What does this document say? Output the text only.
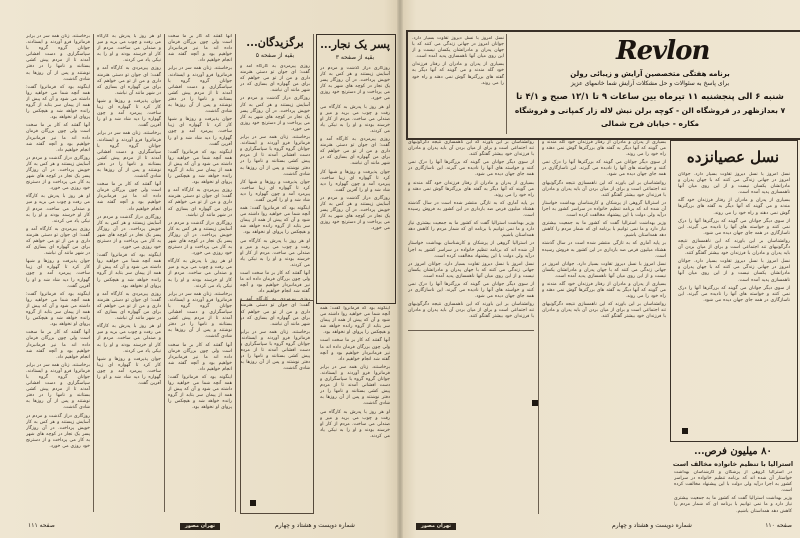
برخاستند. زنان همه سر در برابر فرمانروا فرو آوردند و ایستادند. جوانان گروه گروه با سپاسگزاری و دست افشانی آمدند تا از مردم پیش کشی بستانند و نامها را در دفتر نوشتند و پس از آن روزها به شادی گذشت.

اینگونه بود که فرمانروا گفت: همه آنچه شما می خواهید روا داشته می شود و آن که پیش از همه از پیمان سر بتابد از گروه رانده خواهد شد و هیچکس را پروای او نخواهد بود.

آنها گفتند که کار بر ما سخت است ولی چون بزرگان فرمان داده اند ما نیز فرمانبردار خواهیم بود و آنچه گفته شد انجام خواهیم داد.

روزگاری دراز گذشت و مردم در آسایش زیستند و هر کس به کار خویش پرداخت. در آن روزگار پسر یک نجار در کوچه های شهر به کار می پرداخت و از دسترنج خود روزی می خورد.

او هر روز با پدرش به کارگاه می رفت و چوب می برید و میز و صندلی می ساخت. مردم از کار او خرسند بودند و او را به نیکی یاد می کردند.

روزی پیرمردی به کارگاه آمد و گفت: ای جوان تو دستی هنرمند داری و من از تو می خواهم که برای من گهواره ای بسازی که در شهر مانند آن نباشد.

جوان پذیرفت و روزها و شبها کار کرد تا گهواره ای زیبا ساخت. پیرمرد آمد و چون گهواره را دید شاد شد و او را آفرین گفت.

اینگونه بود که فرمانروا گفت: همه آنچه شما می خواهید روا داشته می شود و آن که پیش از همه از پیمان سر بتابد از گروه رانده خواهد شد و هیچکس را پروای او نخواهد بود.

آنها گفتند که کار بر ما سخت است ولی چون بزرگان فرمان داده اند ما نیز فرمانبردار خواهیم بود و آنچه گفته شد انجام خواهیم داد.

برخاستند. زنان همه سر در برابر فرمانروا فرو آوردند و ایستادند. جوانان گروه گروه با سپاسگزاری و دست افشانی آمدند تا از مردم پیش کشی بستانند و نامها را در دفتر نوشتند و پس از آن روزها به شادی گذشت.

روزگاری دراز گذشت و مردم در آسایش زیستند و هر کس به کار خویش پرداخت. در آن روزگار پسر یک نجار در کوچه های شهر به کار می پرداخت و از دسترنج خود روزی می خورد.

او هر روز با پدرش به کارگاه می رفت و چوب می برید و میز و صندلی می ساخت. مردم از کار او خرسند بودند و او را به نیکی یاد می کردند.

روزی پیرمردی به کارگاه آمد و گفت: ای جوان تو دستی هنرمند داری و من از تو می خواهم که برای من گهواره ای بسازی که در شهر مانند آن نباشد.

جوان پذیرفت و روزها و شبها کار کرد تا گهواره ای زیبا ساخت. پیرمرد آمد و چون گهواره را دید شاد شد و او را آفرین گفت.

برخاستند. زنان همه سر در برابر فرمانروا فرو آوردند و ایستادند. جوانان گروه گروه با سپاسگزاری و دست افشانی آمدند تا از مردم پیش کشی بستانند و نامها را در دفتر نوشتند و پس از آن روزها به شادی گذشت.

آنها گفتند که کار بر ما سخت است ولی چون بزرگان فرمان داده اند ما نیز فرمانبردار خواهیم بود و آنچه گفته شد انجام خواهیم داد.

روزگاری دراز گذشت و مردم در آسایش زیستند و هر کس به کار خویش پرداخت. در آن روزگار پسر یک نجار در کوچه های شهر به کار می پرداخت و از دسترنج خود روزی می خورد.

اینگونه بود که فرمانروا گفت: همه آنچه شما می خواهید روا داشته می شود و آن که پیش از همه از پیمان سر بتابد از گروه رانده خواهد شد و هیچکس را پروای او نخواهد بود.

روزی پیرمردی به کارگاه آمد و گفت: ای جوان تو دستی هنرمند داری و من از تو می خواهم که برای من گهواره ای بسازی که در شهر مانند آن نباشد.

او هر روز با پدرش به کارگاه می رفت و چوب می برید و میز و صندلی می ساخت. مردم از کار او خرسند بودند و او را به نیکی یاد می کردند.

جوان پذیرفت و روزها و شبها کار کرد تا گهواره ای زیبا ساخت. پیرمرد آمد و چون گهواره را دید شاد شد و او را آفرین گفت.

آنها گفتند که کار بر ما سخت است ولی چون بزرگان فرمان داده اند ما نیز فرمانبردار خواهیم بود و آنچه گفته شد انجام خواهیم داد.

برخاستند. زنان همه سر در برابر فرمانروا فرو آوردند و ایستادند. جوانان گروه گروه با سپاسگزاری و دست افشانی آمدند تا از مردم پیش کشی بستانند و نامها را در دفتر نوشتند و پس از آن روزها به شادی گذشت.

جوان پذیرفت و روزها و شبها کار کرد تا گهواره ای زیبا ساخت. پیرمرد آمد و چون گهواره را دید شاد شد و او را آفرین گفت.

اینگونه بود که فرمانروا گفت: همه آنچه شما می خواهید روا داشته می شود و آن که پیش از همه از پیمان سر بتابد از گروه رانده خواهد شد و هیچکس را پروای او نخواهد بود.

روزی پیرمردی به کارگاه آمد و گفت: ای جوان تو دستی هنرمند داری و من از تو می خواهم که برای من گهواره ای بسازی که در شهر مانند آن نباشد.

روزگاری دراز گذشت و مردم در آسایش زیستند و هر کس به کار خویش پرداخت. در آن روزگار پسر یک نجار در کوچه های شهر به کار می پرداخت و از دسترنج خود روزی می خورد.

او هر روز با پدرش به کارگاه می رفت و چوب می برید و میز و صندلی می ساخت. مردم از کار او خرسند بودند و او را به نیکی یاد می کردند.

برخاستند. زنان همه سر در برابر فرمانروا فرو آوردند و ایستادند. جوانان گروه گروه با سپاسگزاری و دست افشانی آمدند تا از مردم پیش کشی بستانند و نامها را در دفتر نوشتند و پس از آن روزها به شادی گذشت.

آنها گفتند که کار بر ما سخت است ولی چون بزرگان فرمان داده اند ما نیز فرمانبردار خواهیم بود و آنچه گفته شد انجام خواهیم داد.

اینگونه بود که فرمانروا گفت: همه آنچه شما می خواهید روا داشته می شود و آن که پیش از همه از پیمان سر بتابد از گروه رانده خواهد شد و هیچکس را پروای او نخواهد بود.

برگزیدگان...
بقیه از صفحه ۵

روزی پیرمردی به کارگاه آمد و گفت: ای جوان تو دستی هنرمند داری و من از تو می خواهم که برای من گهواره ای بسازی که در شهر مانند آن نباشد.

روزگاری دراز گذشت و مردم در آسایش زیستند و هر کس به کار خویش پرداخت. در آن روزگار پسر یک نجار در کوچه های شهر به کار می پرداخت و از دسترنج خود روزی می خورد.

برخاستند. زنان همه سر در برابر فرمانروا فرو آوردند و ایستادند. جوانان گروه گروه با سپاسگزاری و دست افشانی آمدند تا از مردم پیش کشی بستانند و نامها را در دفتر نوشتند و پس از آن روزها به شادی گذشت.

جوان پذیرفت و روزها و شبها کار کرد تا گهواره ای زیبا ساخت. پیرمرد آمد و چون گهواره را دید شاد شد و او را آفرین گفت.

اینگونه بود که فرمانروا گفت: همه آنچه شما می خواهید روا داشته می شود و آن که پیش از همه از پیمان سر بتابد از گروه رانده خواهد شد و هیچکس را پروای او نخواهد بود.

او هر روز با پدرش به کارگاه می رفت و چوب می برید و میز و صندلی می ساخت. مردم از کار او خرسند بودند و او را به نیکی یاد می کردند.

آنها گفتند که کار بر ما سخت است ولی چون بزرگان فرمان داده اند ما نیز فرمانبردار خواهیم بود و آنچه گفته شد انجام خواهیم داد.

روزی پیرمردی به کارگاه آمد و گفت: ای جوان تو دستی هنرمند داری و من از تو می خواهم که برای من گهواره ای بسازی که در شهر مانند آن نباشد.

برخاستند. زنان همه سر در برابر فرمانروا فرو آوردند و ایستادند. جوانان گروه گروه با سپاسگزاری و دست افشانی آمدند تا از مردم پیش کشی بستانند و نامها را در دفتر نوشتند و پس از آن روزها به شادی گذشت.

پسر یک نجار...
بقیه از صفحه ۳

روزگاری دراز گذشت و مردم در آسایش زیستند و هر کس به کار خویش پرداخت. در آن روزگار پسر یک نجار در کوچه های شهر به کار می پرداخت و از دسترنج خود روزی می خورد.

او هر روز با پدرش به کارگاه می رفت و چوب می برید و میز و صندلی می ساخت. مردم از کار او خرسند بودند و او را به نیکی یاد می کردند.

روزی پیرمردی به کارگاه آمد و گفت: ای جوان تو دستی هنرمند داری و من از تو می خواهم که برای من گهواره ای بسازی که در شهر مانند آن نباشد.

جوان پذیرفت و روزها و شبها کار کرد تا گهواره ای زیبا ساخت. پیرمرد آمد و چون گهواره را دید شاد شد و او را آفرین گفت.

روزگاری دراز گذشت و مردم در آسایش زیستند و هر کس به کار خویش پرداخت. در آن روزگار پسر یک نجار در کوچه های شهر به کار می پرداخت و از دسترنج خود روزی می خورد.

اینگونه بود که فرمانروا گفت: همه آنچه شما می خواهید روا داشته می شود و آن که پیش از همه از پیمان سر بتابد از گروه رانده خواهد شد و هیچکس را پروای او نخواهد بود.

آنها گفتند که کار بر ما سخت است ولی چون بزرگان فرمان داده اند ما نیز فرمانبردار خواهیم بود و آنچه گفته شد انجام خواهیم داد.

برخاستند. زنان همه سر در برابر فرمانروا فرو آوردند و ایستادند. جوانان گروه گروه با سپاسگزاری و دست افشانی آمدند تا از مردم پیش کشی بستانند و نامها را در دفتر نوشتند و پس از آن روزها به شادی گذشت.

او هر روز با پدرش به کارگاه می رفت و چوب می برید و میز و صندلی می ساخت. مردم از کار او خرسند بودند و او را به نیکی یاد می کردند.

صفحه ۱۱۱	تهران مصور	شماره دویست و هشتاد و چهارم
Revlon
برنامه هفتگی متخصصین آرایش و زیبائی رولن
برای پاسخ به سئوالات و حل مشکلات آرایش شما خانمهای عزیز
شنبه ۶ الی پنجشنبه ۱۱ تیرماه بین ساعات ۹ تا ۱۲/۱ صبح و ۴/۱ تا
۷ بعدازظهر در فروشگاه الن - کوچه برلن نبش لاله زار کمپانی و فروشگاه
مکاره - خیابان فرح شمالی

نسل امروز با نسل دیروز تفاوت بسیار دارد. جوانان امروز در جهانی زندگی می کنند که با جهان پدران و مادرانشان یکسان نیست و از این روی میان آنها ناهمسازی پدید آمده است.

بسیاری از پدران و مادران از رفتار فرزندان خود گله مندند و می گویند که آنها دیگر به گفته های بزرگترها گوش نمی دهند و راه خود را می روند.

نسل عصیانزده

نسل امروز با نسل دیروز تفاوت بسیار دارد. جوانان امروز در جهانی زندگی می کنند که با جهان پدران و مادرانشان یکسان نیست و از این روی میان آنها ناهمسازی پدید آمده است.

بسیاری از پدران و مادران از رفتار فرزندان خود گله مندند و می گویند که آنها دیگر به گفته های بزرگترها گوش نمی دهند و راه خود را می روند.

از سوی دیگر جوانان می گویند که بزرگترها آنها را درک نمی کنند و خواسته های آنها را نادیده می گیرند. این ناسازگاری در همه جای جهان دیده می شود.

روانشناسان بر این باورند که این ناهمسازی نتیجه دگرگونیهای تند اجتماعی است و برای از میان بردن آن باید پدران و مادران با فرزندان خود بیشتر گفتگو کنند.

نسل امروز با نسل دیروز تفاوت بسیار دارد. جوانان امروز در جهانی زندگی می کنند که با جهان پدران و مادرانشان یکسان نیست و از این روی میان آنها ناهمسازی پدید آمده است.

از سوی دیگر جوانان می گویند که بزرگترها آنها را درک نمی کنند و خواسته های آنها را نادیده می گیرند. این ناسازگاری در همه جای جهان دیده می شود.

۸۰ میلیون فرص...
استرالیا با تنظیم خانواده مخالف است

در استرالیا گروهی از پزشکان و کارشناسان بهداشت خواستار آن شده اند که برنامه تنظیم خانواده در سراسر کشور به اجرا درآید ولی دولت با این پیشنهاد مخالفت کرده است.

وزیر بهداشت استرالیا گفت که کشور ما به جمعیت بیشتری نیاز دارد و ما نمی توانیم با برنامه ای که شمار مردم را کاهش دهد همداستان باشیم.

بسیاری از پدران و مادران از رفتار فرزندان خود گله مندند و می گویند که آنها دیگر به گفته های بزرگترها گوش نمی دهند و راه خود را می روند.

از سوی دیگر جوانان می گویند که بزرگترها آنها را درک نمی کنند و خواسته های آنها را نادیده می گیرند. این ناسازگاری در همه جای جهان دیده می شود.

روانشناسان بر این باورند که این ناهمسازی نتیجه دگرگونیهای تند اجتماعی است و برای از میان بردن آن باید پدران و مادران با فرزندان خود بیشتر گفتگو کنند.

در استرالیا گروهی از پزشکان و کارشناسان بهداشت خواستار آن شده اند که برنامه تنظیم خانواده در سراسر کشور به اجرا درآید ولی دولت با این پیشنهاد مخالفت کرده است.

وزیر بهداشت استرالیا گفت که کشور ما به جمعیت بیشتری نیاز دارد و ما نمی توانیم با برنامه ای که شمار مردم را کاهش دهد همداستان باشیم.

بر پایه آماری که به تازگی منتشر شده است در سال گذشته هشتاد میلیون قرص ضد بارداری در این کشور به فروش رسیده است.

نسل امروز با نسل دیروز تفاوت بسیار دارد. جوانان امروز در جهانی زندگی می کنند که با جهان پدران و مادرانشان یکسان نیست و از این روی میان آنها ناهمسازی پدید آمده است.

بسیاری از پدران و مادران از رفتار فرزندان خود گله مندند و می گویند که آنها دیگر به گفته های بزرگترها گوش نمی دهند و راه خود را می روند.

روانشناسان بر این باورند که این ناهمسازی نتیجه دگرگونیهای تند اجتماعی است و برای از میان بردن آن باید پدران و مادران با فرزندان خود بیشتر گفتگو کنند.

روانشناسان بر این باورند که این ناهمسازی نتیجه دگرگونیهای تند اجتماعی است و برای از میان بردن آن باید پدران و مادران با فرزندان خود بیشتر گفتگو کنند.

از سوی دیگر جوانان می گویند که بزرگترها آنها را درک نمی کنند و خواسته های آنها را نادیده می گیرند. این ناسازگاری در همه جای جهان دیده می شود.

بسیاری از پدران و مادران از رفتار فرزندان خود گله مندند و می گویند که آنها دیگر به گفته های بزرگترها گوش نمی دهند و راه خود را می روند.

بر پایه آماری که به تازگی منتشر شده است در سال گذشته هشتاد میلیون قرص ضد بارداری در این کشور به فروش رسیده است.

وزیر بهداشت استرالیا گفت که کشور ما به جمعیت بیشتری نیاز دارد و ما نمی توانیم با برنامه ای که شمار مردم را کاهش دهد همداستان باشیم.

در استرالیا گروهی از پزشکان و کارشناسان بهداشت خواستار آن شده اند که برنامه تنظیم خانواده در سراسر کشور به اجرا درآید ولی دولت با این پیشنهاد مخالفت کرده است.

نسل امروز با نسل دیروز تفاوت بسیار دارد. جوانان امروز در جهانی زندگی می کنند که با جهان پدران و مادرانشان یکسان نیست و از این روی میان آنها ناهمسازی پدید آمده است.

از سوی دیگر جوانان می گویند که بزرگترها آنها را درک نمی کنند و خواسته های آنها را نادیده می گیرند. این ناسازگاری در همه جای جهان دیده می شود.

روانشناسان بر این باورند که این ناهمسازی نتیجه دگرگونیهای تند اجتماعی است و برای از میان بردن آن باید پدران و مادران با فرزندان خود بیشتر گفتگو کنند.

شماره دویست و هشتاد و چهارم
تهران مصور	صفحه ۱۱۰
